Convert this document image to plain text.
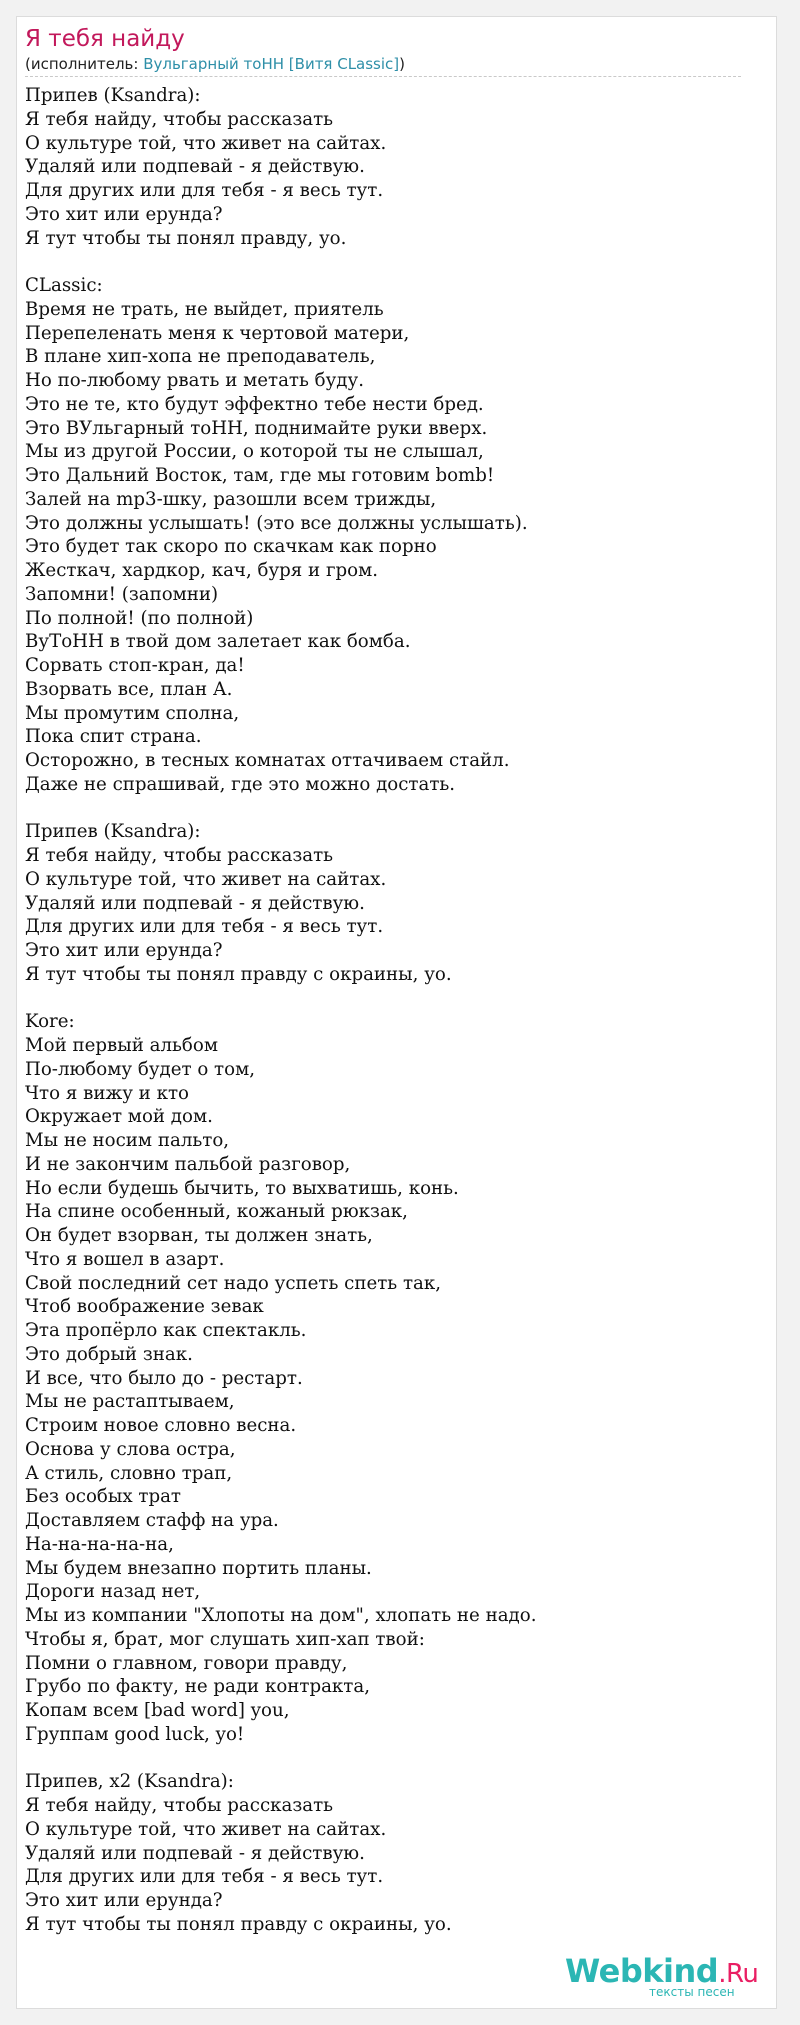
Я тебя найду
(исполнитель: Вульгарный тоНН [Витя CLassic])
Припев (Ksandra):
Я тебя найду, чтобы рассказать
О культуре той, что живет на сайтах.
Удаляй или подпевай - я действую.
Для других или для тебя - я весь тут.
Это хит или ерунда?
Я тут чтобы ты понял правду, уо.
CLassic:
Время не трать, не выйдет, приятель
Перепеленать меня к чертовой матери,
В плане хип-хопа не преподаватель,
Но по-любому рвать и метать буду.
Это не те, кто будут эффектно тебе нести бред.
Это ВУльгарный тоНН, поднимайте руки вверх.
Мы из другой России, о которой ты не слышал,
Это Дальний Восток, там, где мы готовим bomb!
Залей на mp3-шку, разошли всем трижды,
Это должны услышать! (это все должны услышать).
Это будет так скоро по скачкам как порно
Жесткач, хардкор, кач, буря и гром.
Запомни! (запомни)
По полной! (по полной)
ВуТоНН в твой дом залетает как бомба.
Сорвать стоп-кран, да!
Взорвать все, план А.
Мы промутим сполна,
Пока спит страна.
Осторожно, в тесных комнатах оттачиваем стайл.
Даже не спрашивай, где это можно достать.
Припев (Ksandra):
Я тебя найду, чтобы рассказать
О культуре той, что живет на сайтах.
Удаляй или подпевай - я действую.
Для других или для тебя - я весь тут.
Это хит или ерунда?
Я тут чтобы ты понял правду с окраины, уо.
Kore:
Мой первый альбом
По-любому будет о том,
Что я вижу и кто
Окружает мой дом.
Мы не носим пальто,
И не закончим пальбой разговор,
Но если будешь бычить, то выхватишь, конь.
На спине особенный, кожаный рюкзак,
Он будет взорван, ты должен знать,
Что я вошел в азарт.
Свой последний сет надо успеть спеть так,
Чтоб воображение зевак
Эта пропёрло как спектакль.
Это добрый знак.
И все, что было до - рестарт.
Мы не растаптываем,
Строим новое словно весна.
Основа у слова остра,
А стиль, словно трап,
Без особых трат
Доставляем стафф на ура.
На-на-на-на-на,
Мы будем внезапно портить планы.
Дороги назад нет,
Мы из компании "Хлопоты на дом", хлопать не надо.
Чтобы я, брат, мог слушать хип-хап твой:
Помни о главном, говори правду,
Грубо по факту, не ради контракта,
Копам всем [bad word] you,
Группам good luck, yo!
Припев, x2 (Ksandra):
Я тебя найду, чтобы рассказать
О культуре той, что живет на сайтах.
Удаляй или подпевай - я действую.
Для других или для тебя - я весь тут.
Это хит или ерунда?
Я тут чтобы ты понял правду с окраины, уо.
Webkind.Ru
тексты песен
